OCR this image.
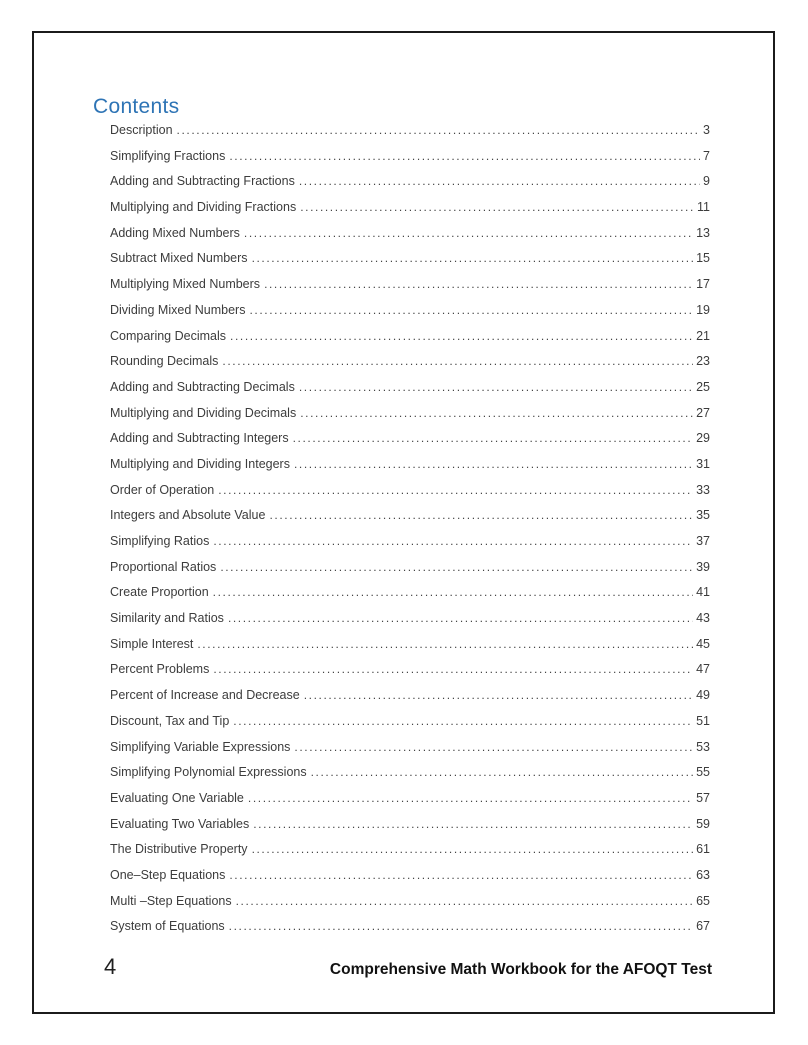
Contents
Description .....	3
Simplifying Fractions .....	7
Adding and Subtracting Fractions .....	9
Multiplying and Dividing Fractions .....	11
Adding Mixed Numbers .....	13
Subtract Mixed Numbers .....	15
Multiplying Mixed Numbers .....	17
Dividing Mixed Numbers .....	19
Comparing Decimals .....	21
Rounding Decimals .....	23
Adding and Subtracting Decimals .....	25
Multiplying and Dividing Decimals .....	27
Adding and Subtracting Integers .....	29
Multiplying and Dividing Integers .....	31
Order of Operation .....	33
Integers and Absolute Value .....	35
Simplifying Ratios .....	37
Proportional Ratios .....	39
Create Proportion .....	41
Similarity and Ratios .....	43
Simple Interest .....	45
Percent Problems .....	47
Percent of Increase and Decrease .....	49
Discount, Tax and Tip .....	51
Simplifying Variable Expressions .....	53
Simplifying Polynomial Expressions .....	55
Evaluating One Variable .....	57
Evaluating Two Variables .....	59
The Distributive Property .....	61
One–Step Equations .....	63
Multi –Step Equations .....	65
System of Equations .....	67
4	Comprehensive Math Workbook for the AFOQT Test
